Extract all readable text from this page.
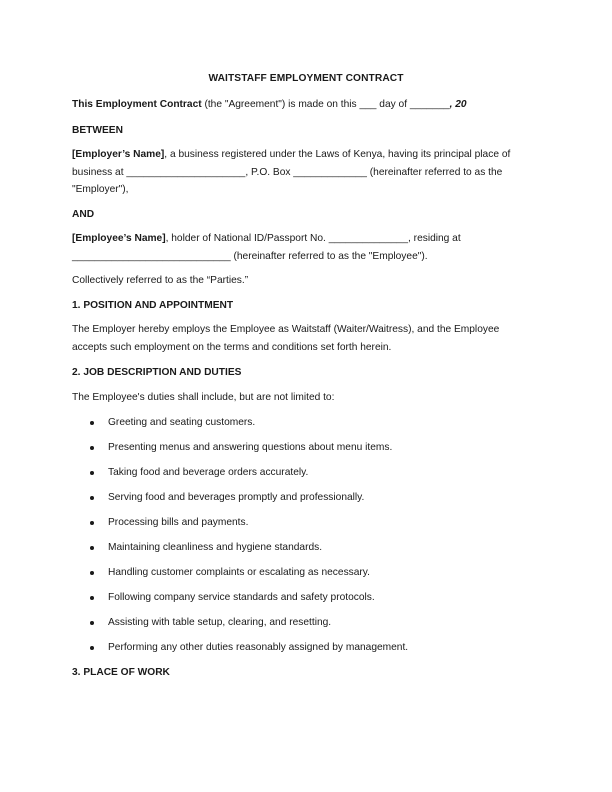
WAITSTAFF EMPLOYMENT CONTRACT
This Employment Contract (the "Agreement") is made on this ___ day of _______, 20
BETWEEN
[Employer’s Name], a business registered under the Laws of Kenya, having its principal place of
business at _____________________, P.O. Box _____________ (hereinafter referred to as the
"Employer"),
AND
[Employee’s Name], holder of National ID/Passport No. ______________, residing at
____________________________ (hereinafter referred to as the "Employee").
Collectively referred to as the “Parties.”
1. POSITION AND APPOINTMENT
The Employer hereby employs the Employee as Waitstaff (Waiter/Waitress), and the Employee
accepts such employment on the terms and conditions set forth herein.
2. JOB DESCRIPTION AND DUTIES
The Employee's duties shall include, but are not limited to:
Greeting and seating customers.
Presenting menus and answering questions about menu items.
Taking food and beverage orders accurately.
Serving food and beverages promptly and professionally.
Processing bills and payments.
Maintaining cleanliness and hygiene standards.
Handling customer complaints or escalating as necessary.
Following company service standards and safety protocols.
Assisting with table setup, clearing, and resetting.
Performing any other duties reasonably assigned by management.
3. PLACE OF WORK
